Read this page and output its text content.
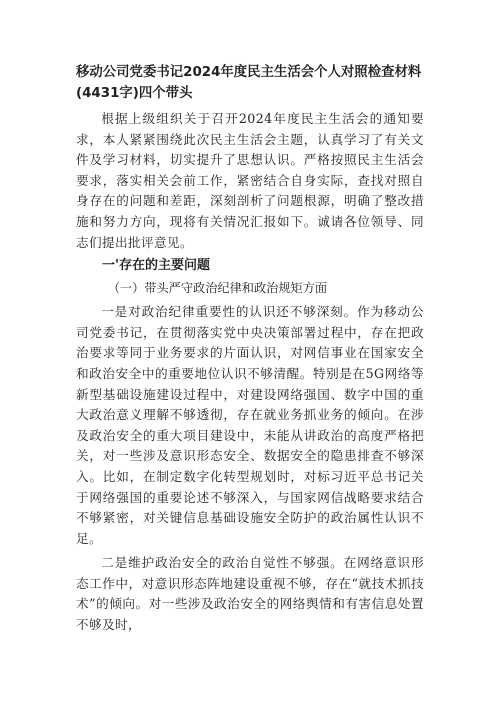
移动公司党委书记2024年度民主生活会个人对照检查材料(4431字)四个带头

根据上级组织关于召开2024年度民主生活会的通知要求，本人紧紧围绕此次民主生活会主题，认真学习了有关文件及学习材料，切实提升了思想认识。严格按照民主生活会要求，落实相关会前工作，紧密结合自身实际，查找对照自身存在的问题和差距，深刻剖析了问题根源，明确了整改措施和努力方向，现将有关情况汇报如下。诚请各位领导、同志们提出批评意见。

一'存在的主要问题

（一）带头严守政治纪律和政治规矩方面

一是对政治纪律重要性的认识还不够深刻。作为移动公司党委书记，在贯彻落实党中央决策部署过程中，存在把政治要求等同于业务要求的片面认识，对网信事业在国家安全和政治安全中的重要地位认识不够清醒。特别是在5G网络等新型基础设施建设过程中，对建设网络强国、数字中国的重大政治意义理解不够透彻，存在就业务抓业务的倾向。在涉及政治安全的重大项目建设中，未能从讲政治的高度严格把关，对一些涉及意识形态安全、数据安全的隐患排查不够深入。比如，在制定数字化转型规划时，对标习近平总书记关于网络强国的重要论述不够深入，与国家网信战略要求结合不够紧密，对关键信息基础设施安全防护的政治属性认识不足。

二是维护政治安全的政治自觉性不够强。在网络意识形态工作中，对意识形态阵地建设重视不够，存在“就技术抓技术”的倾向。对一些涉及政治安全的网络舆情和有害信息处置不够及时，
